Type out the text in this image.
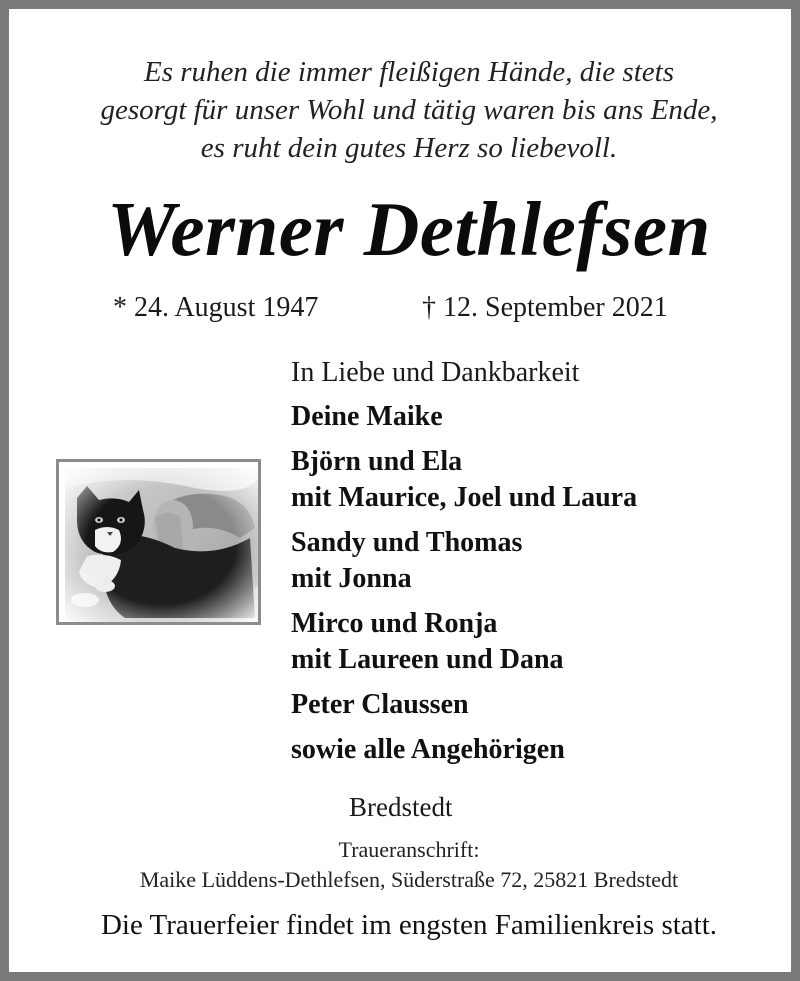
Es ruhen die immer fleißigen Hände, die stets
gesorgt für unser Wohl und tätig waren bis ans Ende,
es ruht dein gutes Herz so liebevoll.
Werner Dethlefsen
* 24. August 1947	† 12. September 2021
In Liebe und Dankbarkeit
Deine Maike
Björn und Ela
mit Maurice, Joel und Laura
Sandy und Thomas
mit Jonna
Mirco und Ronja
mit Laureen und Dana
Peter Claussen
sowie alle Angehörigen
Bredstedt
Traueranschrift:
Maike Lüddens-Dethlefsen, Süderstraße 72, 25821 Bredstedt
Die Trauerfeier findet im engsten Familienkreis statt.
